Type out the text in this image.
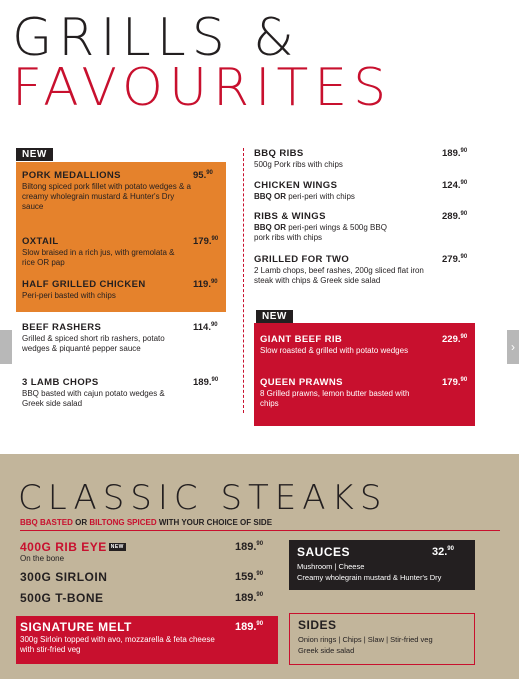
GRILLS &
FAVOURITES
NEW
PORK MEDALLIONS
Biltong spiced pork fillet with potato wedges & a creamy wholegrain mustard & Hunter's Dry sauce
95.90
OXTAIL
Slow braised in a rich jus, with gremolata & rice OR pap
179.90
HALF GRILLED CHICKEN
Peri-peri basted with chips
119.90
BEEF RASHERS
Grilled & spiced short rib rashers, potato wedges & piquanté pepper sauce
114.90
3 LAMB CHOPS
BBQ basted with cajun potato wedges & Greek side salad
189.90
BBQ RIBS
500g Pork ribs with chips
189.90
CHICKEN WINGS
BBQ OR peri-peri with chips
124.90
RIBS & WINGS
BBQ OR peri-peri wings & 500g BBQ pork ribs with chips
289.90
GRILLED FOR TWO
2 Lamb chops, beef rashes, 200g sliced flat iron steak with chips & Greek side salad
279.90
NEW
GIANT BEEF RIB
Slow roasted & grilled with potato wedges
229.90
QUEEN PRAWNS
8 Grilled prawns, lemon butter basted with chips
179.90
›
CLASSIC STEAKS
BBQ BASTED OR BILTONG SPICED WITH YOUR CHOICE OF SIDE
400G RIB EYE NEW
On the bone
189.90
300G SIRLOIN	159.90
500G T-BONE	189.90
SIGNATURE MELT
300g Sirloin topped with avo, mozzarella & feta cheese with stir-fried veg
189.90
SAUCES	32.90
Mushroom | Cheese
Creamy wholegrain mustard & Hunter's Dry
SIDES
Onion rings | Chips | Slaw | Stir-fried veg
Greek side salad
